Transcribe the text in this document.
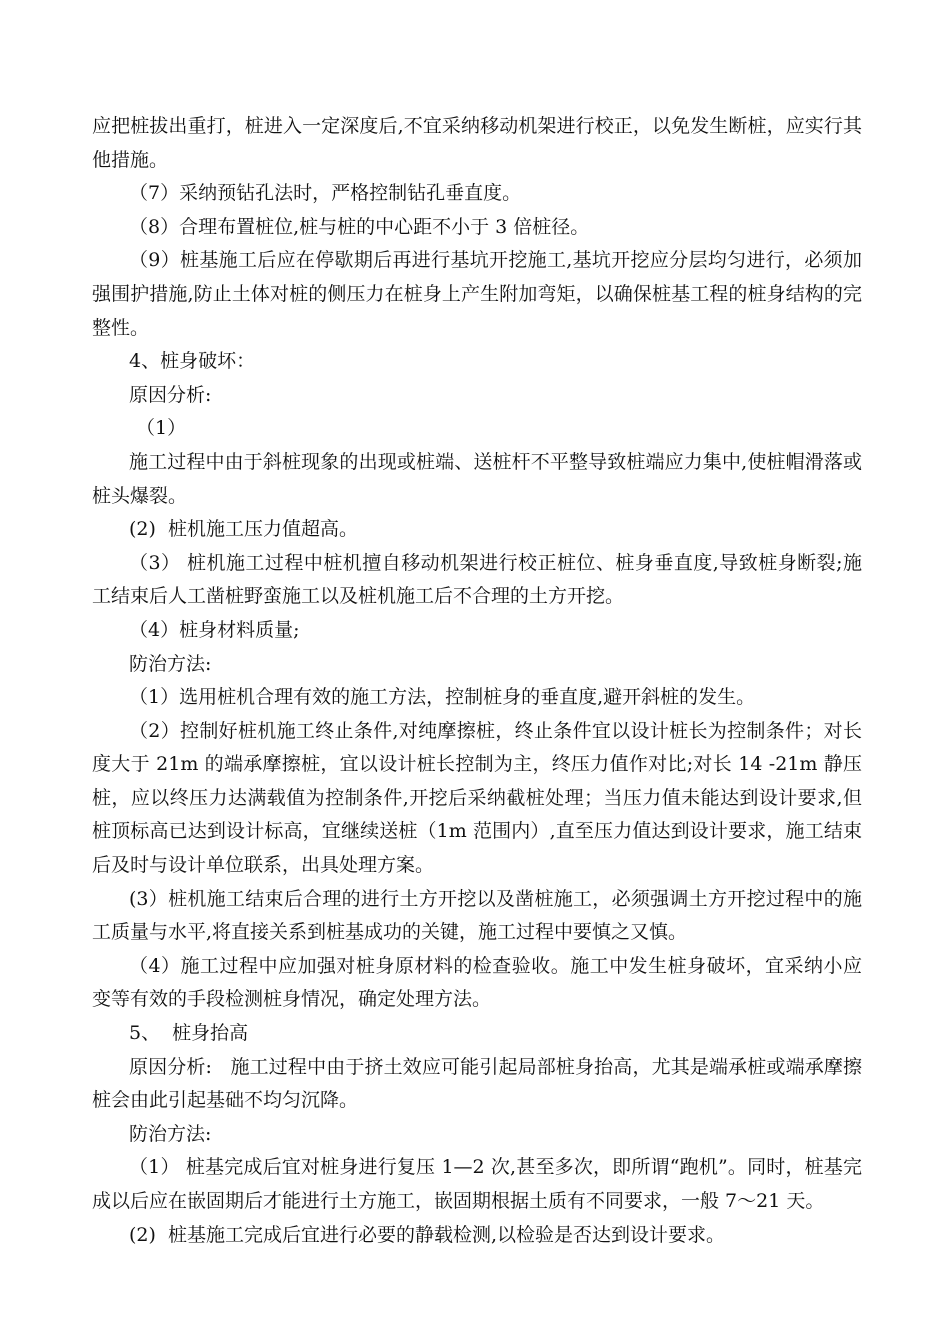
应把桩拔出重打，桩进入一定深度后,不宜采纳移动机架进行校正，以免发生断桩，应实行其他措施。

（7）采纳预钻孔法时，严格控制钻孔垂直度。

（8）合理布置桩位,桩与桩的中心距不小于 3 倍桩径。

（9）桩基施工后应在停歇期后再进行基坑开挖施工,基坑开挖应分层均匀进行，必须加强围护措施,防止土体对桩的侧压力在桩身上产生附加弯矩，以确保桩基工程的桩身结构的完整性。

4、桩身破坏：

原因分析:

（1）

施工过程中由于斜桩现象的出现或桩端、送桩杆不平整导致桩端应力集中,使桩帽滑落或桩头爆裂。

(2)  桩机施工压力值超高。

（3） 桩机施工过程中桩机擅自移动机架进行校正桩位、桩身垂直度,导致桩身断裂;施工结束后人工凿桩野蛮施工以及桩机施工后不合理的土方开挖。

（4）桩身材料质量;

防治方法:

（1）选用桩机合理有效的施工方法，控制桩身的垂直度,避开斜桩的发生。

（2）控制好桩机施工终止条件,对纯摩擦桩，终止条件宜以设计桩长为控制条件；对长度大于 21m 的端承摩擦桩，宜以设计桩长控制为主，终压力值作对比;对长 14 -21m 静压桩，应以终压力达满载值为控制条件,开挖后采纳截桩处理；当压力值未能达到设计要求,但桩顶标高已达到设计标高，宜继续送桩（1m 范围内）,直至压力值达到设计要求，施工结束后及时与设计单位联系，出具处理方案。

(3）桩机施工结束后合理的进行土方开挖以及凿桩施工，必须强调土方开挖过程中的施工质量与水平,将直接关系到桩基成功的关键，施工过程中要慎之又慎。

（4）施工过程中应加强对桩身原材料的检查验收。施工中发生桩身破坏，宜采纳小应变等有效的手段检测桩身情况，确定处理方法。

5、  桩身抬高

原因分析:   施工过程中由于挤土效应可能引起局部桩身抬高，尤其是端承桩或端承摩擦桩会由此引起基础不均匀沉降。

防治方法:

（1） 桩基完成后宜对桩身进行复压 1—2 次,甚至多次，即所谓“跑机”。同时，桩基完成以后应在嵌固期后才能进行土方施工，嵌固期根据土质有不同要求，一般 7～21 天。

(2)  桩基施工完成后宜进行必要的静载检测,以检验是否达到设计要求。
